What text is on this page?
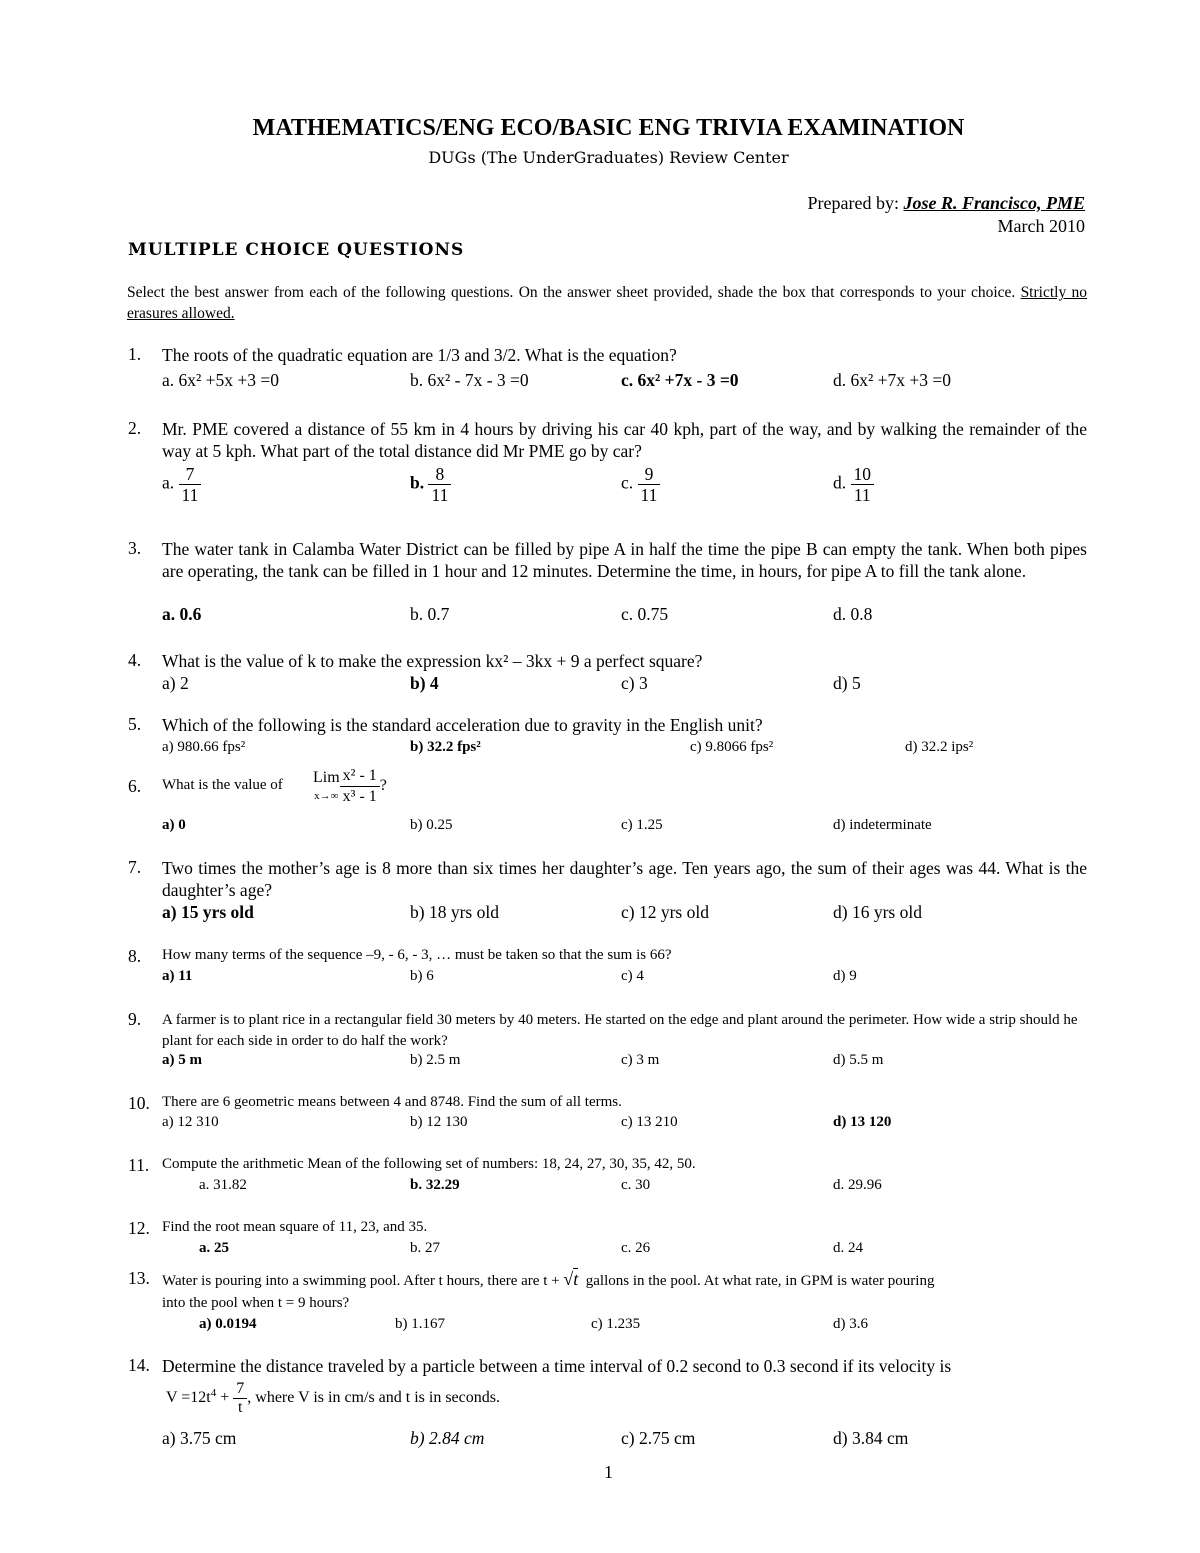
MATHEMATICS/ENG ECO/BASIC ENG TRIVIA EXAMINATION
DUGs (The UnderGraduates) Review Center
Prepared by: Jose R. Francisco, PME
March 2010
MULTIPLE CHOICE QUESTIONS
Select the best answer from each of the following questions. On the answer sheet provided, shade the box that corresponds to your choice. Strictly no erasures allowed.
1. The roots of the quadratic equation are 1/3 and 3/2. What is the equation?
a. 6x² +5x +3 =0	b. 6x² - 7x - 3 =0	c. 6x² +7x - 3 =0	d. 6x² +7x +3 =0
2. Mr. PME covered a distance of 55 km in 4 hours by driving his car 40 kph, part of the way, and by walking the remainder of the way at 5 kph. What part of the total distance did Mr PME go by car?
a. $\frac{7}{11}$	b. $\frac{8}{11}$	c. $\frac{9}{11}$	d. $\frac{10}{11}$
3. The water tank in Calamba Water District can be filled by pipe A in half the time the pipe B can empty the tank. When both pipes are operating, the tank can be filled in 1 hour and 12 minutes. Determine the time, in hours, for pipe A to fill the tank alone.
a. 0.6	b. 0.7	c. 0.75	d. 0.8
4. What is the value of k to make the expression kx² – 3kx + 9 a perfect square?
a) 2	b) 4	c) 3	d) 5
5. Which of the following is the standard acceleration due to gravity in the English unit?
a) 980.66 fps²	b) 32.2 fps²	c) 9.8066 fps²	d) 32.2 ips²
6. What is the value of Lim
$x\to\infty \frac{\text{x² - 1}}{\text{x³ - 1}}$ ?
a) 0	b) 0.25	c) 1.25	d) indeterminate
7. Two times the mother’s age is 8 more than six times her daughter’s age. Ten years ago, the sum of their ages was 44. What is the daughter’s age?
a) 15 yrs old	b) 18 yrs old	c) 12 yrs old	d) 16 yrs old
8. How many terms of the sequence –9, - 6, - 3, … must be taken so that the sum is 66?
a) 11	b) 6	c) 4	d) 9
9. A farmer is to plant rice in a rectangular field 30 meters by 40 meters. He started on the edge and plant around the perimeter. How wide a strip should he plant for each side in order to do half the work?
a) 5 m	b) 2.5 m	c) 3 m	d) 5.5 m
10. There are 6 geometric means between 4 and 8748. Find the sum of all terms.
a) 12 310	b) 12 130	c) 13 210	d) 13 120
11. Compute the arithmetic Mean of the following set of numbers: 18, 24, 27, 30, 35, 42, 50.
a. 31.82	b. 32.29	c. 30	d. 29.96
12. Find the root mean square of 11, 23, and 35.
a. 25	b. 27	c. 26	d. 24
13. Water is pouring into a swimming pool. After t hours, there are t + √t gallons in the pool. At what rate, in GPM is water pouring
into the pool when t = 9 hours?
a) 0.0194	b) 1.167	c) 1.235	d) 3.6
14. Determine the distance traveled by a particle between a time interval of 0.2 second to 0.3 second if its velocity is
$V =12t^4 + \frac{7}{t}$ , where V is in cm/s and t is in seconds.
a) 3.75 cm	b) 2.84 cm	c) 2.75 cm	d) 3.84 cm
1
